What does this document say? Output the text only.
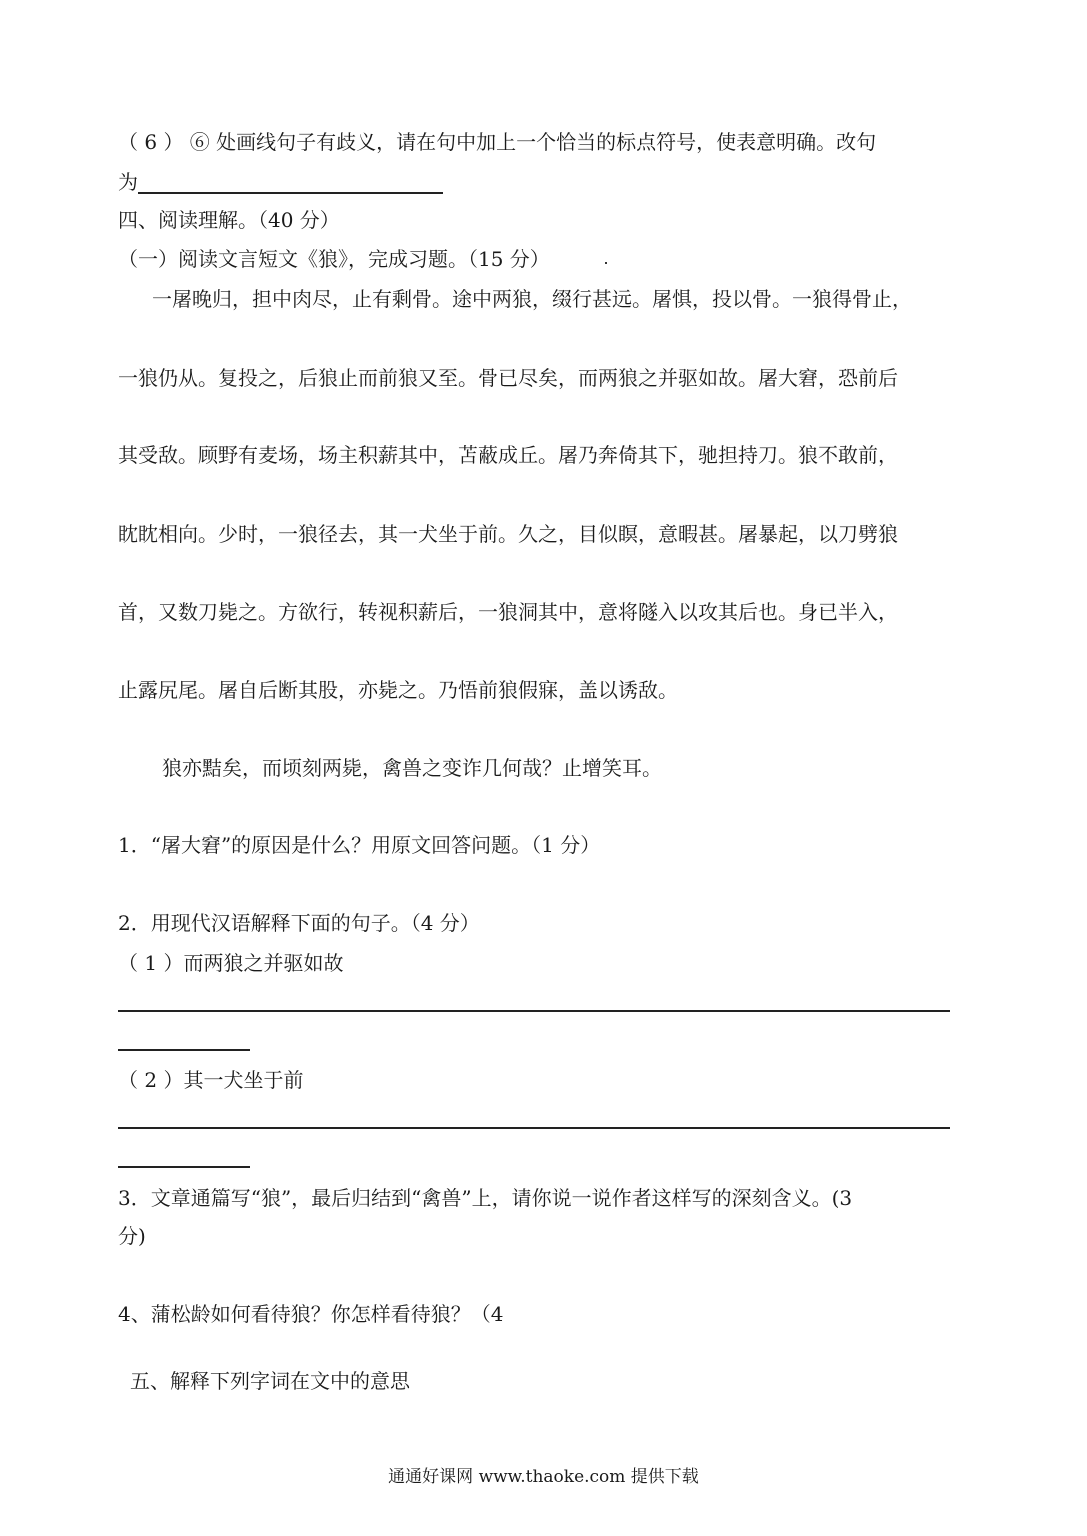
（ 6 ） ⑥ 处画线句子有歧义，请在句中加上一个恰当的标点符号，使表意明确。改句
为
四、阅读理解。（40 分）
（一）阅读文言短文《狼》，完成习题。（15 分）
一屠晚归，担中肉尽，止有剩骨。途中两狼，缀行甚远。屠惧，投以骨。一狼得骨止，
一狼仍从。复投之，后狼止而前狼又至。骨已尽矣，而两狼之并驱如故。屠大窘，恐前后
其受敌。顾野有麦场，场主积薪其中，苫蔽成丘。屠乃奔倚其下，驰担持刀。狼不敢前，
眈眈相向。少时，一狼径去，其一犬坐于前。久之，目似瞑，意暇甚。屠暴起，以刀劈狼
首，又数刀毙之。方欲行，转视积薪后，一狼洞其中，意将隧入以攻其后也。身已半入，
止露尻尾。屠自后断其股，亦毙之。乃悟前狼假寐，盖以诱敌。
狼亦黠矣，而顷刻两毙，禽兽之变诈几何哉？止增笑耳。
1．“屠大窘”的原因是什么？用原文回答问题。（1 分）
2．用现代汉语解释下面的句子。（4 分）
（ 1 ）而两狼之并驱如故
（ 2 ）其一犬坐于前
3．文章通篇写“狼”，最后归结到“禽兽”上，请你说一说作者这样写的深刻含义。(3
分)
4、蒲松龄如何看待狼？你怎样看待狼？（4
五、解释下列字词在文中的意思
通通好课网 www.thaoke.com 提供下载
